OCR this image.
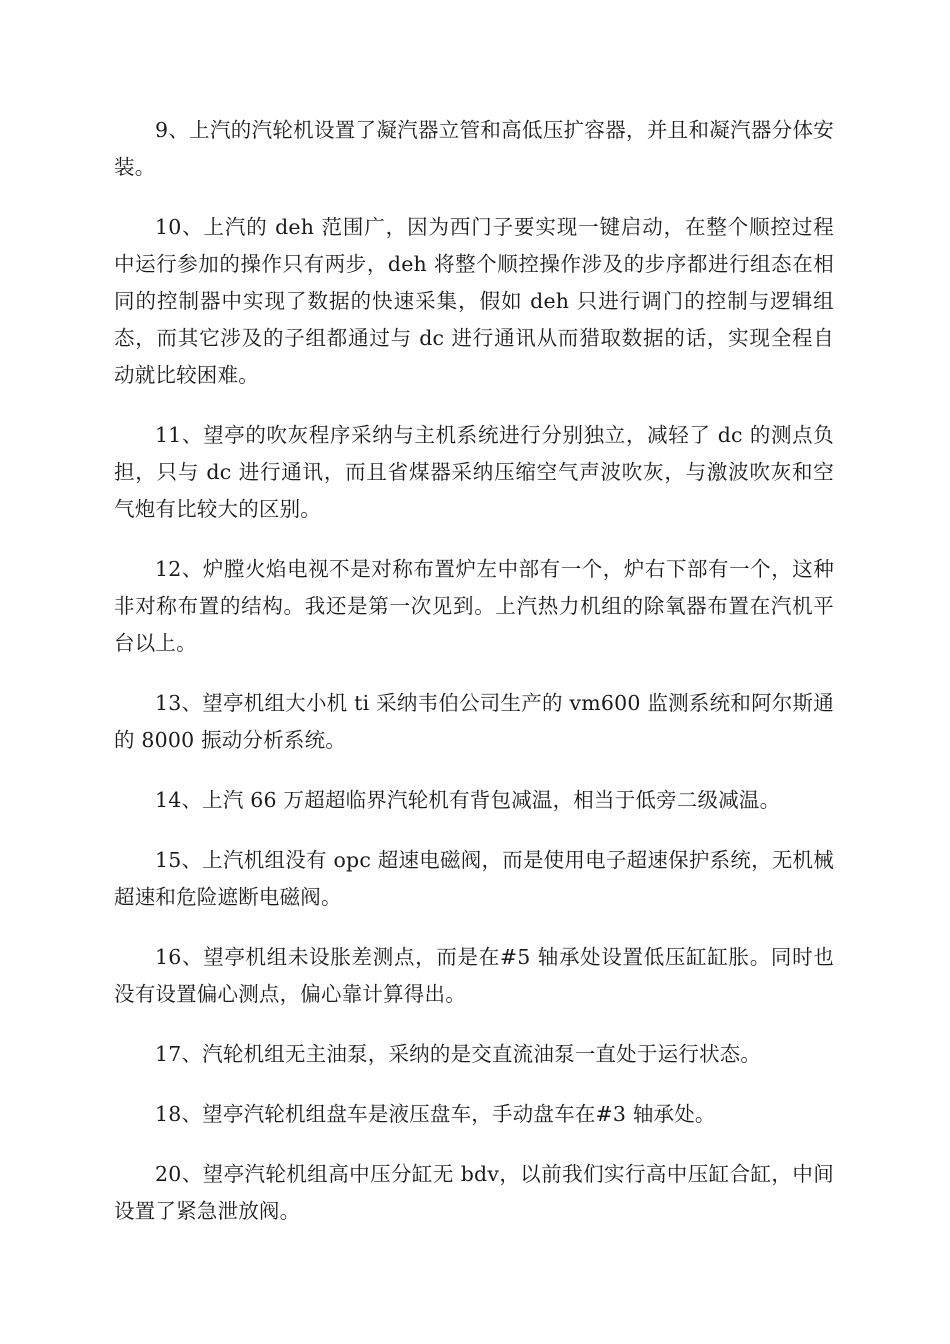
9、上汽的汽轮机设置了凝汽器立管和高低压扩容器，并且和凝汽器分体安装。

10、上汽的 deh 范围广，因为西门子要实现一键启动，在整个顺控过程中运行参加的操作只有两步，deh 将整个顺控操作涉及的步序都进行组态在相同的控制器中实现了数据的快速采集，假如 deh 只进行调门的控制与逻辑组态，而其它涉及的子组都通过与 dc 进行通讯从而猎取数据的话，实现全程自动就比较困难。

11、望亭的吹灰程序采纳与主机系统进行分别独立，减轻了 dc 的测点负担，只与 dc 进行通讯，而且省煤器采纳压缩空气声波吹灰，与激波吹灰和空气炮有比较大的区别。

12、炉膛火焰电视不是对称布置炉左中部有一个，炉右下部有一个，这种非对称布置的结构。我还是第一次见到。上汽热力机组的除氧器布置在汽机平台以上。

13、望亭机组大小机 ti 采纳韦伯公司生产的 vm600 监测系统和阿尔斯通的 8000 振动分析系统。

14、上汽 66 万超超临界汽轮机有背包减温，相当于低旁二级减温。

15、上汽机组没有 opc 超速电磁阀，而是使用电子超速保护系统，无机械超速和危险遮断电磁阀。

16、望亭机组未设胀差测点，而是在#5 轴承处设置低压缸缸胀。同时也没有设置偏心测点，偏心靠计算得出。

17、汽轮机组无主油泵，采纳的是交直流油泵一直处于运行状态。

18、望亭汽轮机组盘车是液压盘车，手动盘车在#3 轴承处。

20、望亭汽轮机组高中压分缸无 bdv，以前我们实行高中压缸合缸，中间设置了紧急泄放阀。
